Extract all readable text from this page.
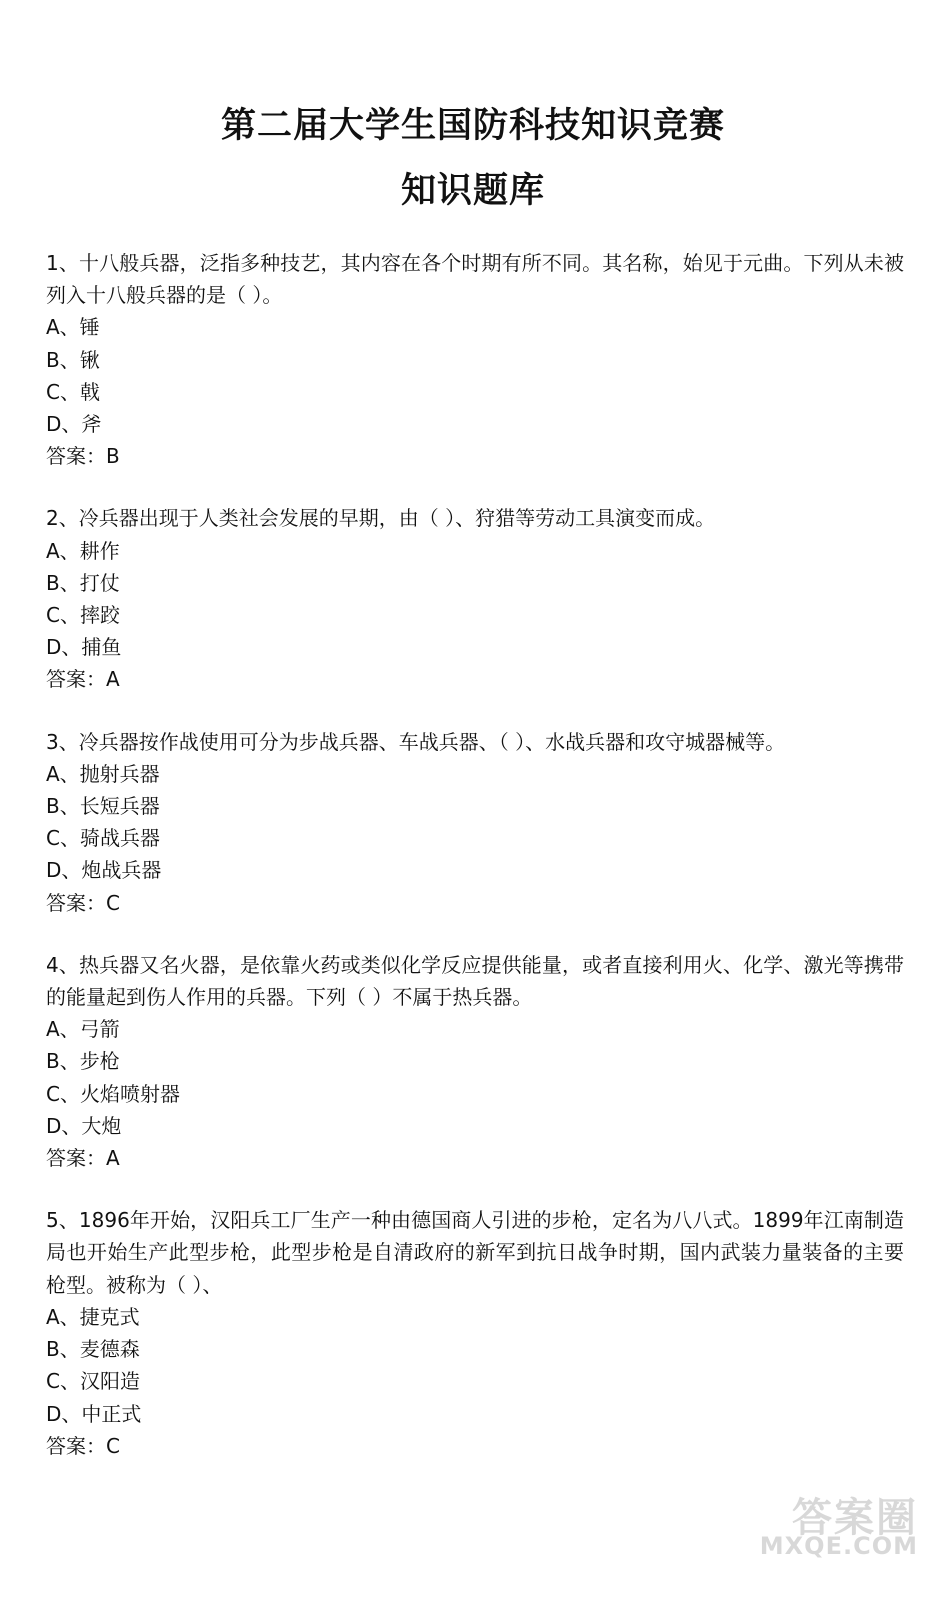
第二届大学生国防科技知识竞赛
知识题库
1、十八般兵器，泛指多种技艺，其内容在各个时期有所不同。其名称，始见于元曲。下列从未被列入十八般兵器的是（ ）。
A、锤
B、锹
C、戟
D、斧
答案：B
2、冷兵器出现于人类社会发展的早期，由（ ）、狩猎等劳动工具演变而成。
A、耕作
B、打仗
C、摔跤
D、捕鱼
答案：A
3、冷兵器按作战使用可分为步战兵器、车战兵器、（ ）、水战兵器和攻守城器械等。
A、抛射兵器
B、长短兵器
C、骑战兵器
D、炮战兵器
答案：C
4、热兵器又名火器，是依靠火药或类似化学反应提供能量，或者直接利用火、化学、激光等携带的能量起到伤人作用的兵器。下列（ ）不属于热兵器。
A、弓箭
B、步枪
C、火焰喷射器
D、大炮
答案：A
5、1896年开始，汉阳兵工厂生产一种由德国商人引进的步枪，定名为八八式。1899年江南制造局也开始生产此型步枪，此型步枪是自清政府的新军到抗日战争时期，国内武装力量装备的主要枪型。被称为（ ）、
A、捷克式
B、麦德森
C、汉阳造
D、中正式
答案：C
答案圈
MXQE.COM
